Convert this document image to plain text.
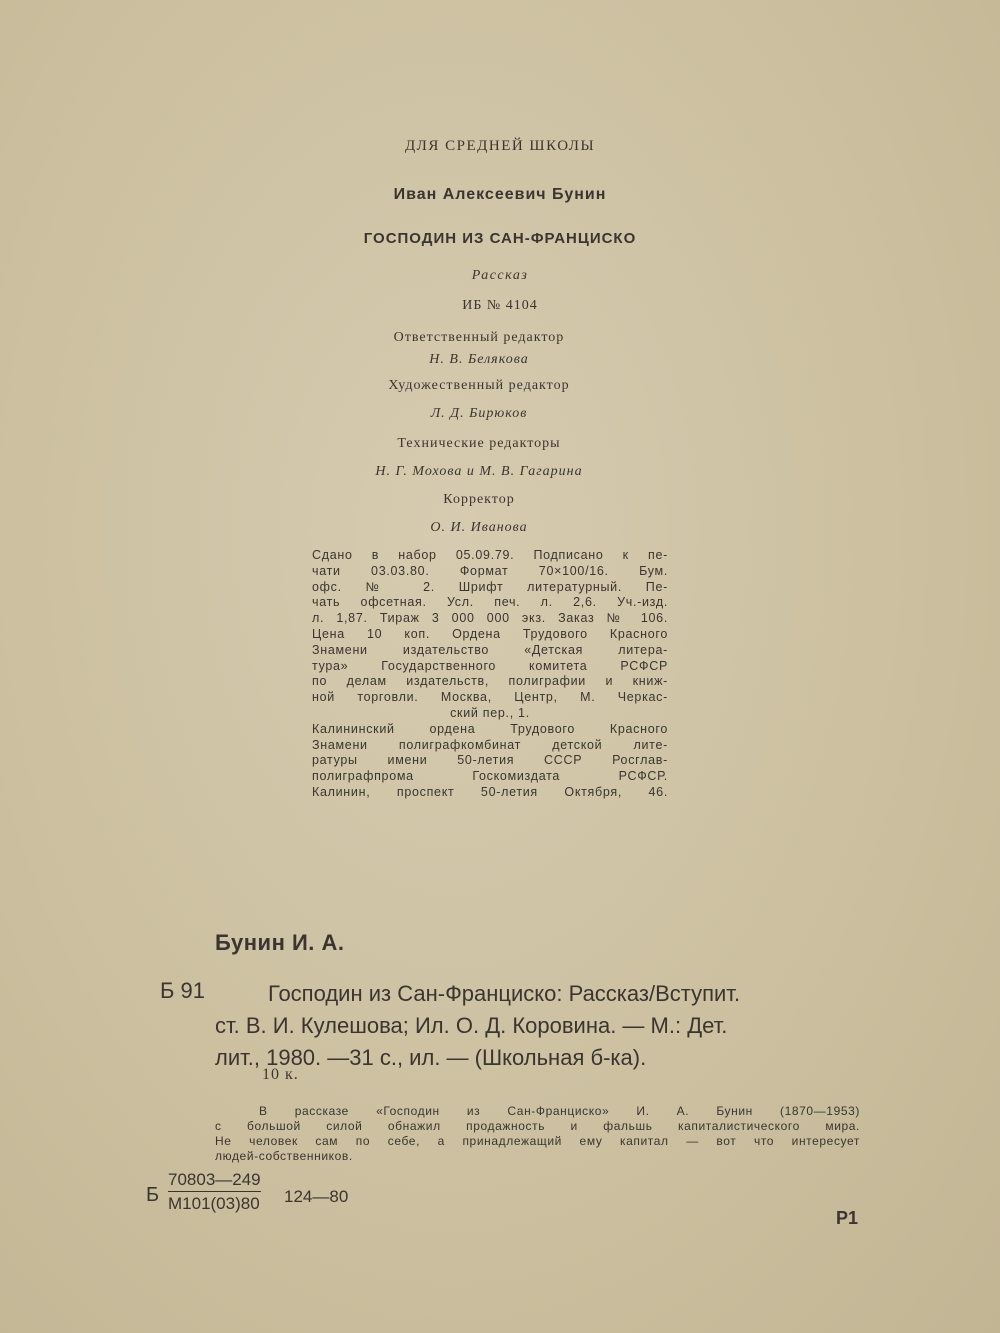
ДЛЯ СРЕДНЕЙ ШКОЛЫ
Иван Алексеевич Бунин
ГОСПОДИН ИЗ САН-ФРАНЦИСКО
Рассказ
ИБ № 4104
Ответственный редактор
Н. В. Белякова
Художественный редактор
Л. Д. Бирюков
Технические редакторы
Н. Г. Мохова и М. В. Гагарина
Корректор
О. И. Иванова
Сдано в набор 05.09.79. Подписано к пе-
чати 03.03.80. Формат 70×100/16. Бум.
офс. № 2. Шрифт литературный. Пе-
чать офсетная. Усл. печ. л. 2,6. Уч.-изд.
л. 1,87. Тираж 3 000 000 экз. Заказ № 106.
Цена 10 коп. Ордена Трудового Красного
Знамени издательство «Детская литера-
тура» Государственного комитета РСФСР
по делам издательств, полиграфии и книж-
ной торговли. Москва, Центр, М. Черкас-
ский пер., 1.
Калининский ордена Трудового Красного
Знамени полиграфкомбинат детской лите-
ратуры имени 50-летия СССР Росглав-
полиграфпрома Госкомиздата РСФСР.
Калинин, проспект 50-летия Октября, 46.
Бунин И. А.
Б 91	Господин из Сан-Франциско: Рассказ/Вступит.
ст. В. И. Кулешова; Ил. О. Д. Коровина. — М.: Дет.
лит., 1980. —31 с., ил. — (Школьная б-ка).
10 к.
В рассказе «Господин из Сан-Франциско» И. А. Бунин (1870—1953)
с большой силой обнажил продажность и фальшь капиталистического мира.
Не человек сам по себе, а принадлежащий ему капитал — вот что интересует
людей-собственников.
Б
70803—249
М101(03)80 124—80
Р1
